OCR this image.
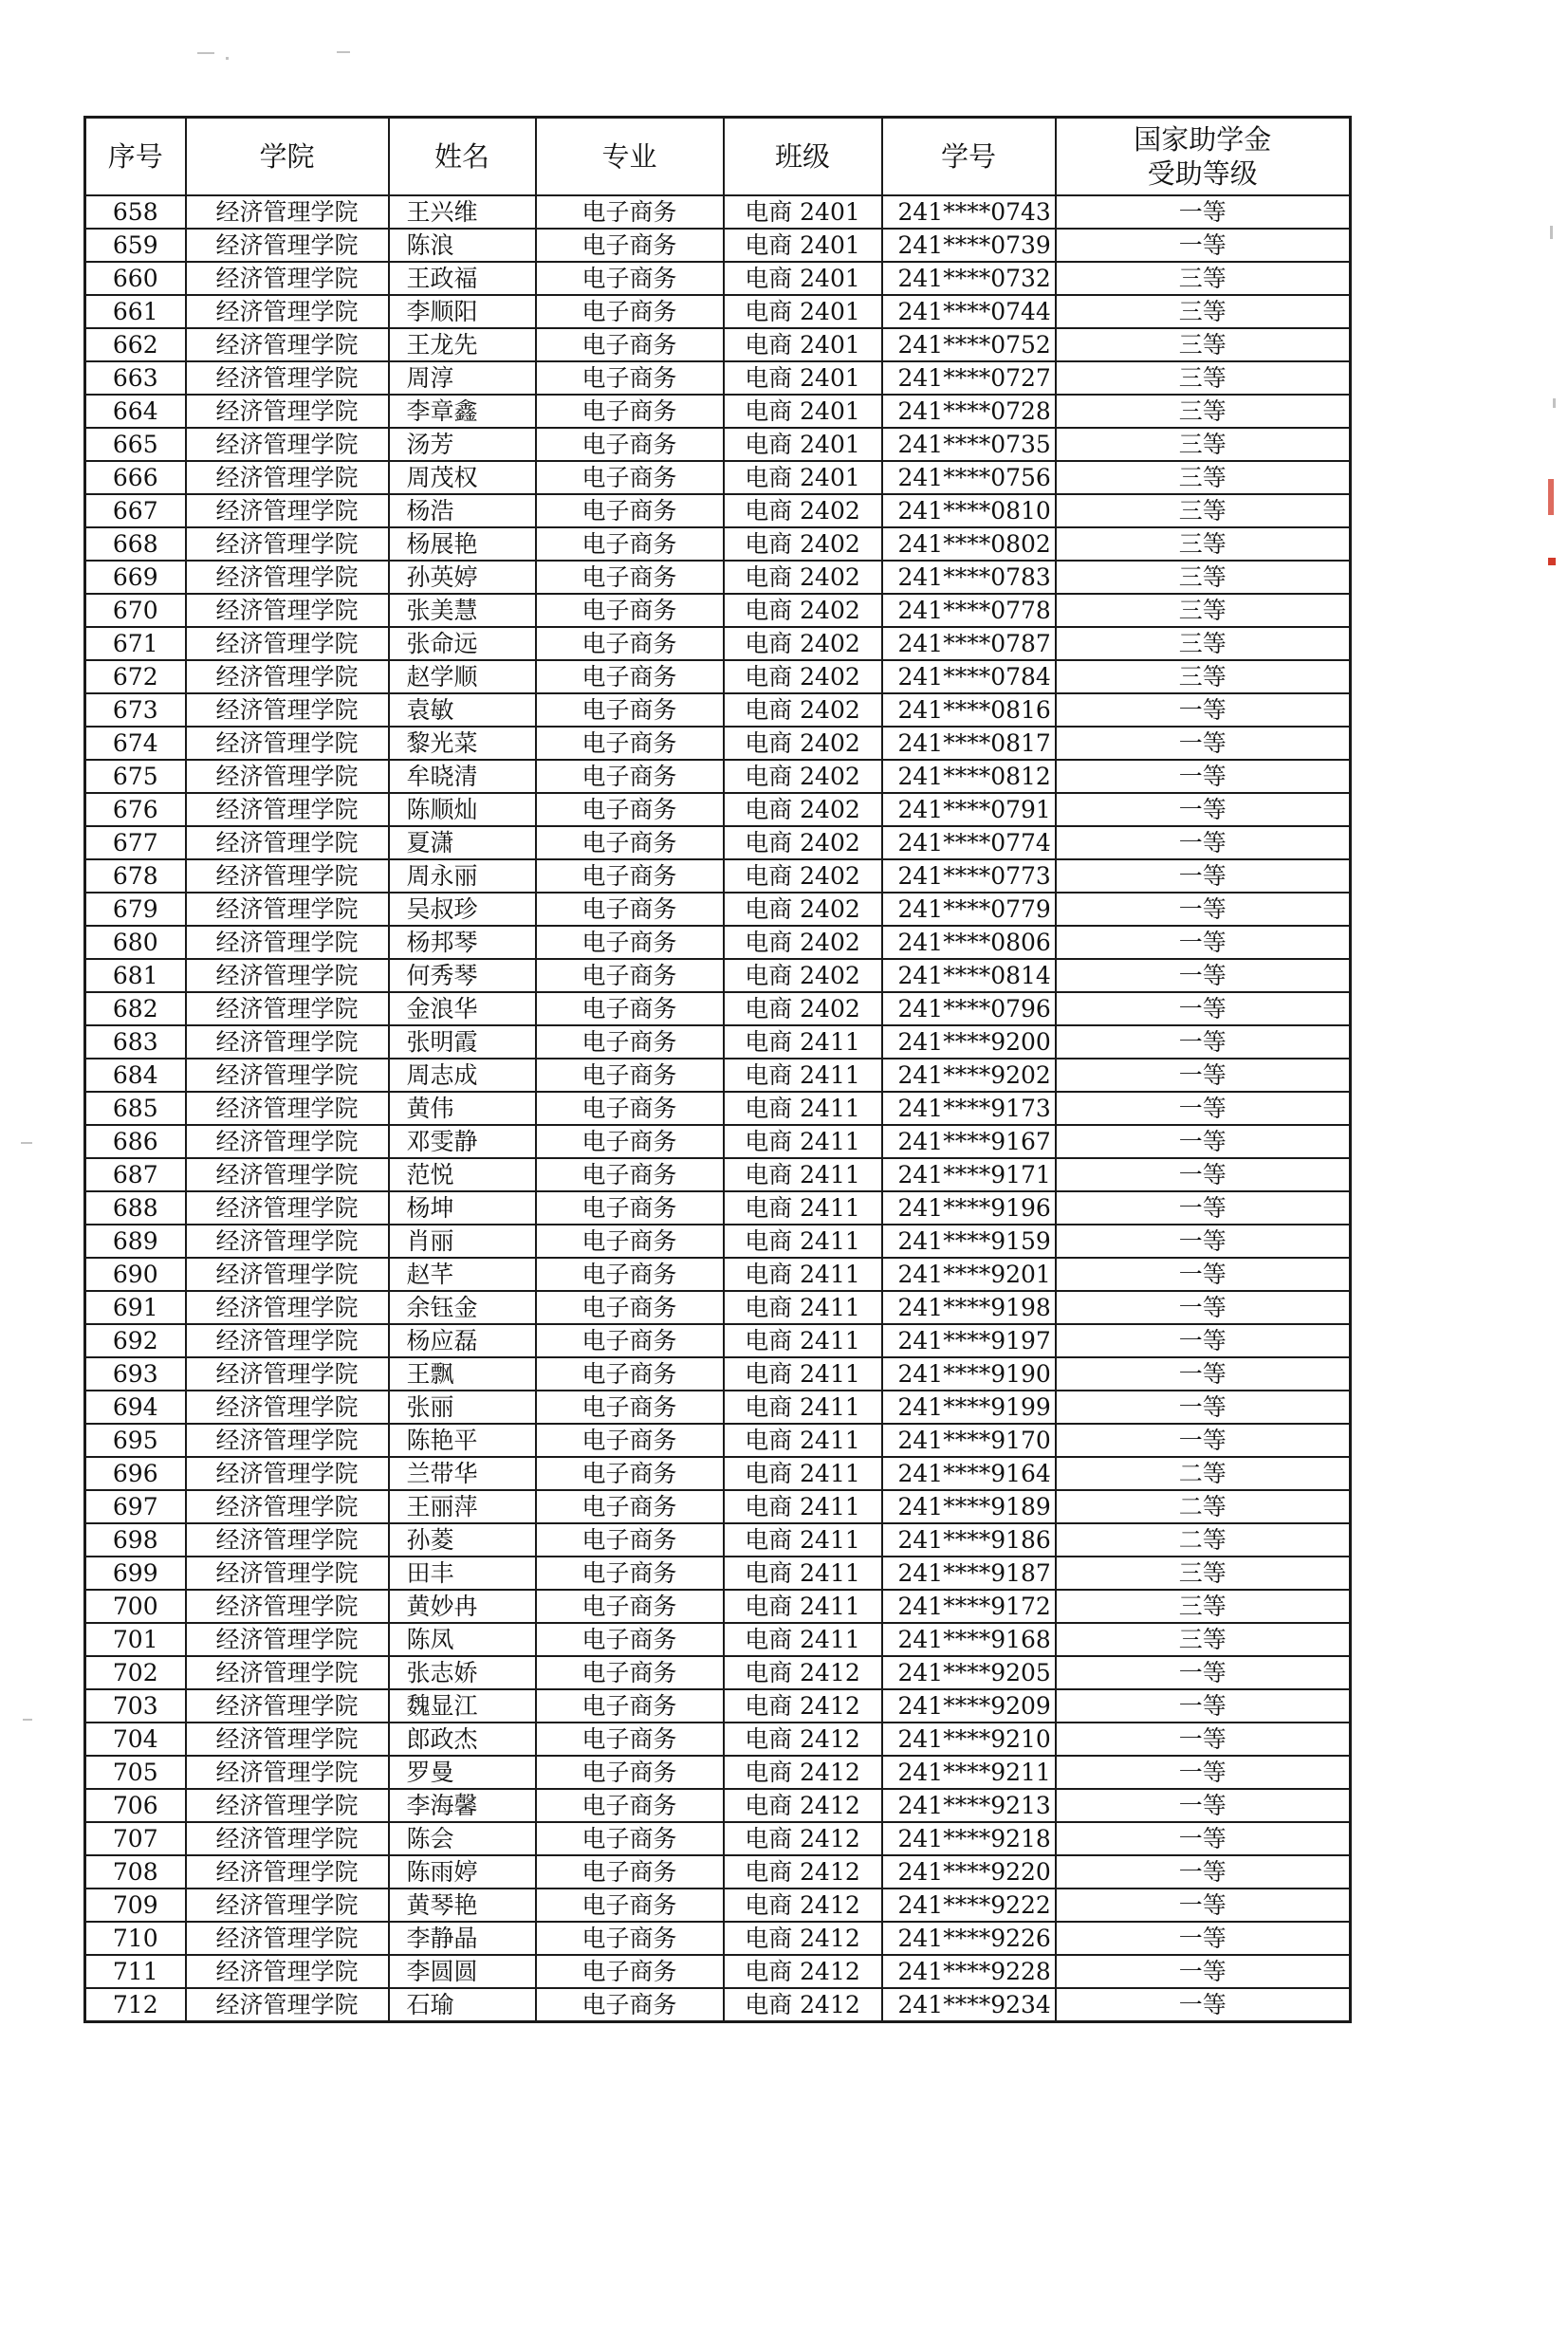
序号	学院	姓名	专业	班级	学号	国家助学金
受助等级
658	经济管理学院	王兴维	电子商务	电商 2401	241****0743	一等
659	经济管理学院	陈浪	电子商务	电商 2401	241****0739	一等
660	经济管理学院	王政福	电子商务	电商 2401	241****0732	三等
661	经济管理学院	李顺阳	电子商务	电商 2401	241****0744	三等
662	经济管理学院	王龙先	电子商务	电商 2401	241****0752	三等
663	经济管理学院	周淳	电子商务	电商 2401	241****0727	三等
664	经济管理学院	李章鑫	电子商务	电商 2401	241****0728	三等
665	经济管理学院	汤芳	电子商务	电商 2401	241****0735	三等
666	经济管理学院	周茂权	电子商务	电商 2401	241****0756	三等
667	经济管理学院	杨浩	电子商务	电商 2402	241****0810	三等
668	经济管理学院	杨展艳	电子商务	电商 2402	241****0802	三等
669	经济管理学院	孙英婷	电子商务	电商 2402	241****0783	三等
670	经济管理学院	张美慧	电子商务	电商 2402	241****0778	三等
671	经济管理学院	张命远	电子商务	电商 2402	241****0787	三等
672	经济管理学院	赵学顺	电子商务	电商 2402	241****0784	三等
673	经济管理学院	袁敏	电子商务	电商 2402	241****0816	一等
674	经济管理学院	黎光菜	电子商务	电商 2402	241****0817	一等
675	经济管理学院	牟晓清	电子商务	电商 2402	241****0812	一等
676	经济管理学院	陈顺灿	电子商务	电商 2402	241****0791	一等
677	经济管理学院	夏潇	电子商务	电商 2402	241****0774	一等
678	经济管理学院	周永丽	电子商务	电商 2402	241****0773	一等
679	经济管理学院	吴叔珍	电子商务	电商 2402	241****0779	一等
680	经济管理学院	杨邦琴	电子商务	电商 2402	241****0806	一等
681	经济管理学院	何秀琴	电子商务	电商 2402	241****0814	一等
682	经济管理学院	金浪华	电子商务	电商 2402	241****0796	一等
683	经济管理学院	张明霞	电子商务	电商 2411	241****9200	一等
684	经济管理学院	周志成	电子商务	电商 2411	241****9202	一等
685	经济管理学院	黄伟	电子商务	电商 2411	241****9173	一等
686	经济管理学院	邓雯静	电子商务	电商 2411	241****9167	一等
687	经济管理学院	范悦	电子商务	电商 2411	241****9171	一等
688	经济管理学院	杨坤	电子商务	电商 2411	241****9196	一等
689	经济管理学院	肖丽	电子商务	电商 2411	241****9159	一等
690	经济管理学院	赵芊	电子商务	电商 2411	241****9201	一等
691	经济管理学院	余钰金	电子商务	电商 2411	241****9198	一等
692	经济管理学院	杨应磊	电子商务	电商 2411	241****9197	一等
693	经济管理学院	王飘	电子商务	电商 2411	241****9190	一等
694	经济管理学院	张丽	电子商务	电商 2411	241****9199	一等
695	经济管理学院	陈艳平	电子商务	电商 2411	241****9170	一等
696	经济管理学院	兰带华	电子商务	电商 2411	241****9164	二等
697	经济管理学院	王丽萍	电子商务	电商 2411	241****9189	二等
698	经济管理学院	孙菱	电子商务	电商 2411	241****9186	二等
699	经济管理学院	田丰	电子商务	电商 2411	241****9187	三等
700	经济管理学院	黄妙冉	电子商务	电商 2411	241****9172	三等
701	经济管理学院	陈凤	电子商务	电商 2411	241****9168	三等
702	经济管理学院	张志娇	电子商务	电商 2412	241****9205	一等
703	经济管理学院	魏显江	电子商务	电商 2412	241****9209	一等
704	经济管理学院	郎政杰	电子商务	电商 2412	241****9210	一等
705	经济管理学院	罗曼	电子商务	电商 2412	241****9211	一等
706	经济管理学院	李海馨	电子商务	电商 2412	241****9213	一等
707	经济管理学院	陈会	电子商务	电商 2412	241****9218	一等
708	经济管理学院	陈雨婷	电子商务	电商 2412	241****9220	一等
709	经济管理学院	黄琴艳	电子商务	电商 2412	241****9222	一等
710	经济管理学院	李静晶	电子商务	电商 2412	241****9226	一等
711	经济管理学院	李圆圆	电子商务	电商 2412	241****9228	一等
712	经济管理学院	石瑜	电子商务	电商 2412	241****9234	一等
